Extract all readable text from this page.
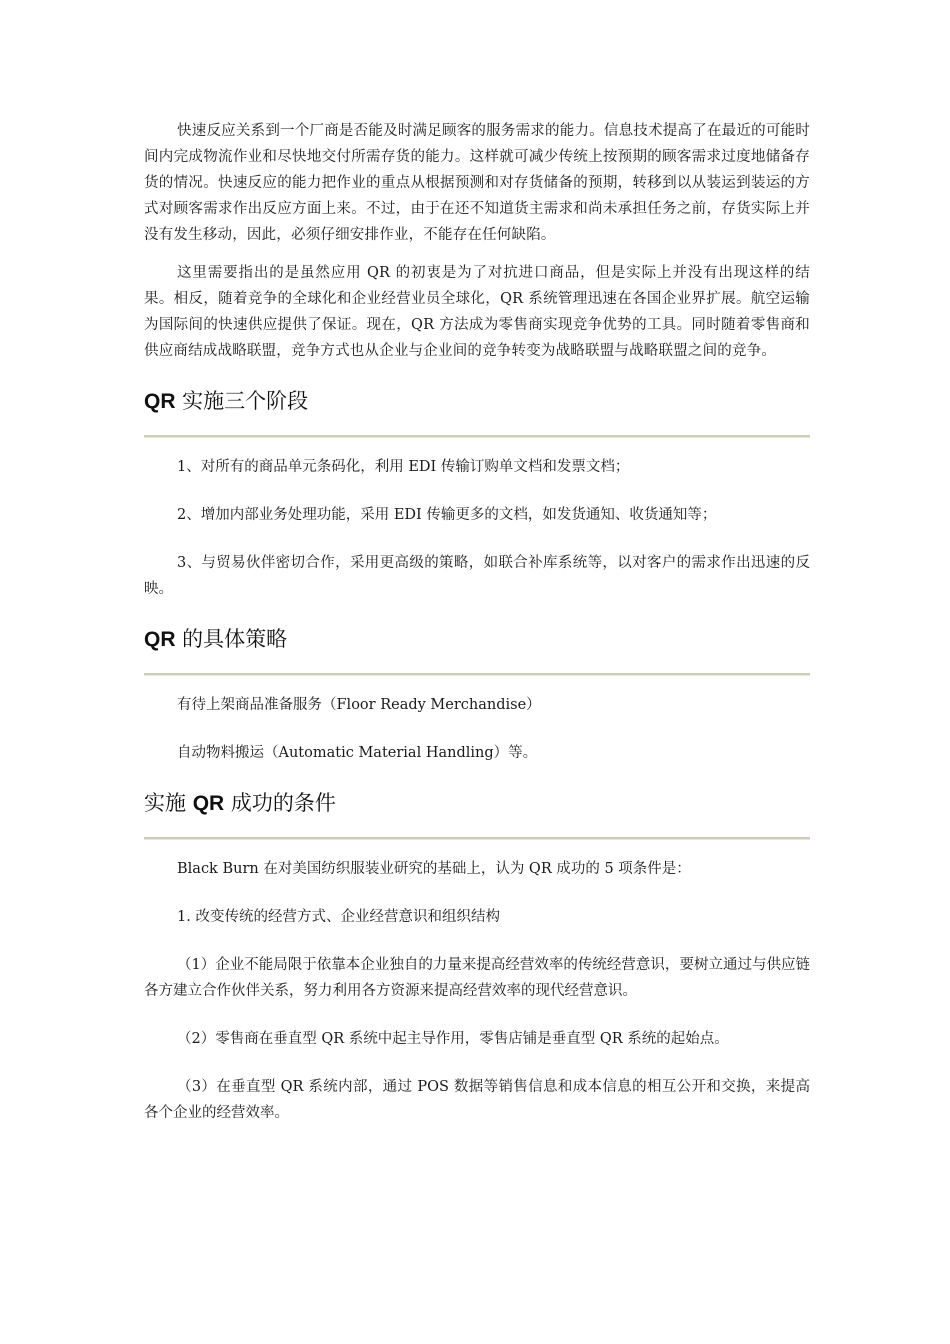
快速反应关系到一个厂商是否能及时满足顾客的服务需求的能力。信息技术提高了在最近的可能时间内完成物流作业和尽快地交付所需存货的能力。这样就可减少传统上按预期的顾客需求过度地储备存货的情况。快速反应的能力把作业的重点从根据预测和对存货储备的预期，转移到以从装运到装运的方式对顾客需求作出反应方面上来。不过，由于在还不知道货主需求和尚未承担任务之前，存货实际上并没有发生移动，因此，必须仔细安排作业，不能存在任何缺陷。

这里需要指出的是虽然应用 QR 的初衷是为了对抗进口商品，但是实际上并没有出现这样的结果。相反，随着竞争的全球化和企业经营业员全球化，QR 系统管理迅速在各国企业界扩展。航空运输为国际间的快速供应提供了保证。现在，QR 方法成为零售商实现竞争优势的工具。同时随着零售商和供应商结成战略联盟，竞争方式也从企业与企业间的竞争转变为战略联盟与战略联盟之间的竞争。

QR 实施三个阶段

1、对所有的商品单元条码化，利用 EDI 传输订购单文档和发票文档；

2、增加内部业务处理功能，采用 EDI 传输更多的文档，如发货通知、收货通知等；

3、与贸易伙伴密切合作，采用更高级的策略，如联合补库系统等，以对客户的需求作出迅速的反映。

QR 的具体策略

有待上架商品准备服务（Floor Ready Merchandise）

自动物料搬运（Automatic Material Handling）等。

实施 QR 成功的条件

Black Burn 在对美国纺织服装业研究的基础上，认为 QR 成功的 5 项条件是：

1. 改变传统的经营方式、企业经营意识和组织结构

（1）企业不能局限于依靠本企业独自的力量来提高经营效率的传统经营意识，要树立通过与供应链各方建立合作伙伴关系，努力利用各方资源来提高经营效率的现代经营意识。

（2）零售商在垂直型 QR 系统中起主导作用，零售店铺是垂直型 QR 系统的起始点。

（3）在垂直型 QR 系统内部，通过 POS 数据等销售信息和成本信息的相互公开和交换，来提高各个企业的经营效率。
